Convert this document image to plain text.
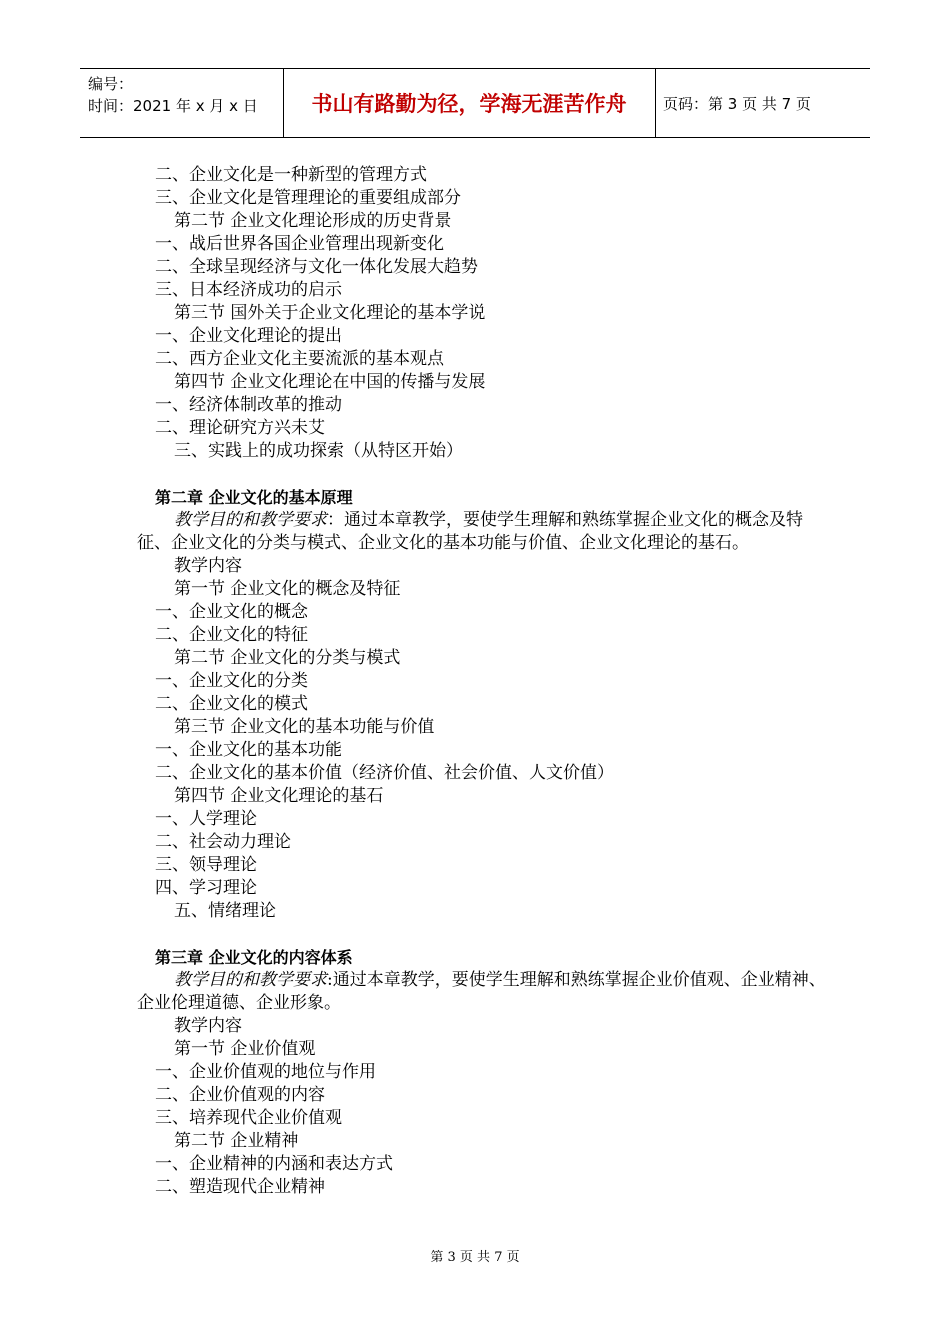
编号：
时间：2021 年 x 月 x 日	书山有路勤为径，学海无涯苦作舟	页码：第 3 页 共 7 页
二、企业文化是一种新型的管理方式
三、企业文化是管理理论的重要组成部分
第二节 企业文化理论形成的历史背景
一、战后世界各国企业管理出现新变化
二、全球呈现经济与文化一体化发展大趋势
三、日本经济成功的启示
第三节 国外关于企业文化理论的基本学说
一、企业文化理论的提出
二、西方企业文化主要流派的基本观点
第四节 企业文化理论在中国的传播与发展
一、经济体制改革的推动
二、理论研究方兴未艾
三、实践上的成功探索（从特区开始）
第二章 企业文化的基本原理
教学目的和教学要求：通过本章教学，要使学生理解和熟练掌握企业文化的概念及特征、企业文化的分类与模式、企业文化的基本功能与价值、企业文化理论的基石。
教学内容
第一节 企业文化的概念及特征
一、企业文化的概念
二、企业文化的特征
第二节 企业文化的分类与模式
一、企业文化的分类
二、企业文化的模式
第三节 企业文化的基本功能与价值
一、企业文化的基本功能
二、企业文化的基本价值（经济价值、社会价值、人文价值）
第四节 企业文化理论的基石
一、人学理论
二、社会动力理论
三、领导理论
四、学习理论
五、情绪理论
第三章 企业文化的内容体系
教学目的和教学要求:通过本章教学，要使学生理解和熟练掌握企业价值观、企业精神、企业伦理道德、企业形象。
教学内容
第一节 企业价值观
一、企业价值观的地位与作用
二、企业价值观的内容
三、培养现代企业价值观
第二节 企业精神
一、企业精神的内涵和表达方式
二、塑造现代企业精神
第 3 页 共 7 页
